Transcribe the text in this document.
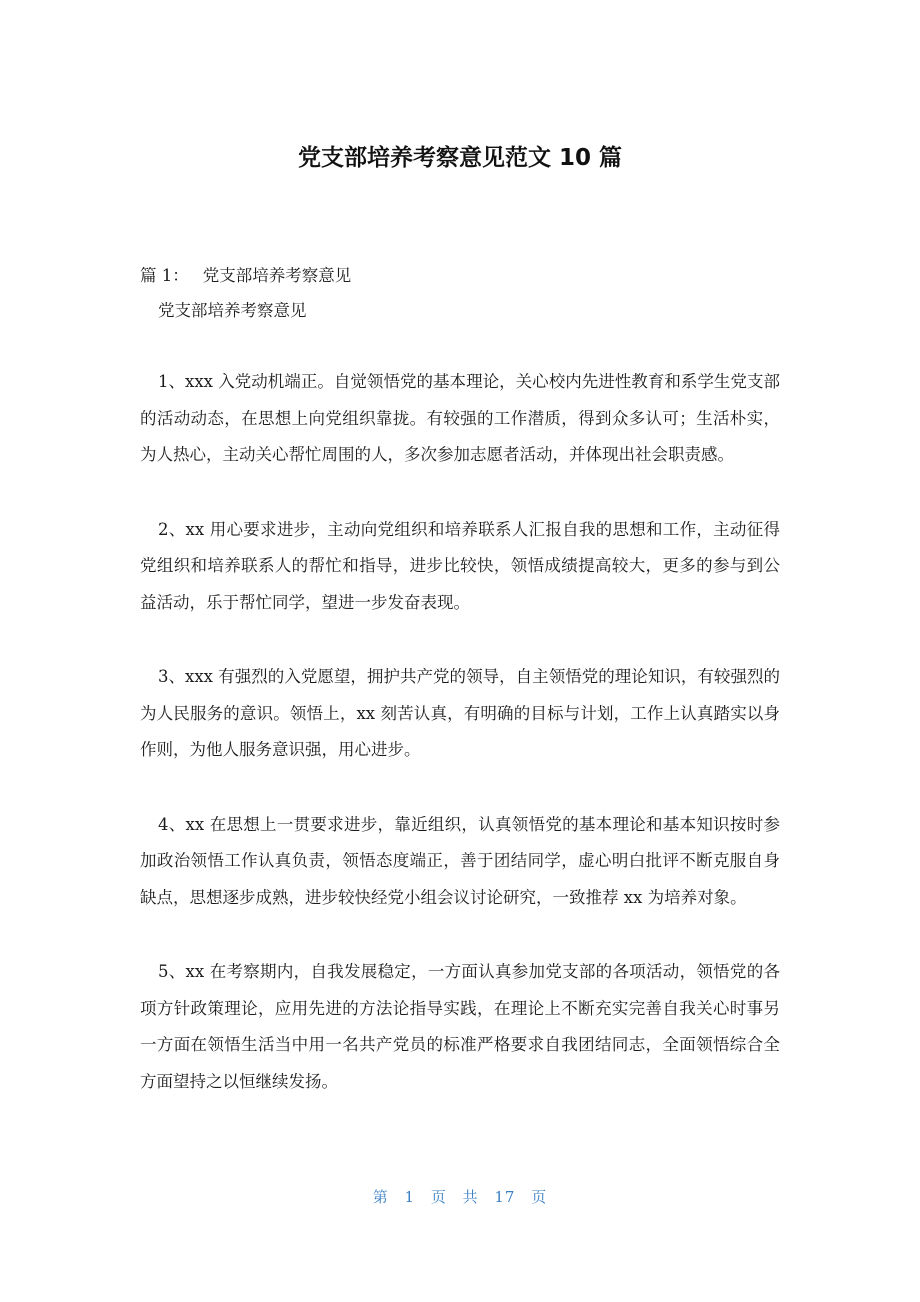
党支部培养考察意见范文 10 篇

篇 1： 党支部培养考察意见

党支部培养考察意见

1、xxx 入党动机端正。自觉领悟党的基本理论，关心校内先进性教育和系学生党支部的活动动态，在思想上向党组织靠拢。有较强的工作潜质，得到众多认可；生活朴实，为人热心，主动关心帮忙周围的人，多次参加志愿者活动，并体现出社会职责感。

2、xx 用心要求进步，主动向党组织和培养联系人汇报自我的思想和工作，主动征得党组织和培养联系人的帮忙和指导，进步比较快，领悟成绩提高较大，更多的参与到公益活动，乐于帮忙同学，望进一步发奋表现。

3、xxx 有强烈的入党愿望，拥护共产党的领导，自主领悟党的理论知识，有较强烈的为人民服务的意识。领悟上，xx 刻苦认真，有明确的目标与计划，工作上认真踏实以身作则，为他人服务意识强，用心进步。

4、xx 在思想上一贯要求进步，靠近组织，认真领悟党的基本理论和基本知识按时参加政治领悟工作认真负责，领悟态度端正，善于团结同学，虚心明白批评不断克服自身缺点，思想逐步成熟，进步较快经党小组会议讨论研究，一致推荐 xx 为培养对象。

5、xx 在考察期内，自我发展稳定，一方面认真参加党支部的各项活动，领悟党的各项方针政策理论，应用先进的方法论指导实践，在理论上不断充实完善自我关心时事另一方面在领悟生活当中用一名共产党员的标准严格要求自我团结同志，全面领悟综合全方面望持之以恒继续发扬。

第 1 页 共 17 页
